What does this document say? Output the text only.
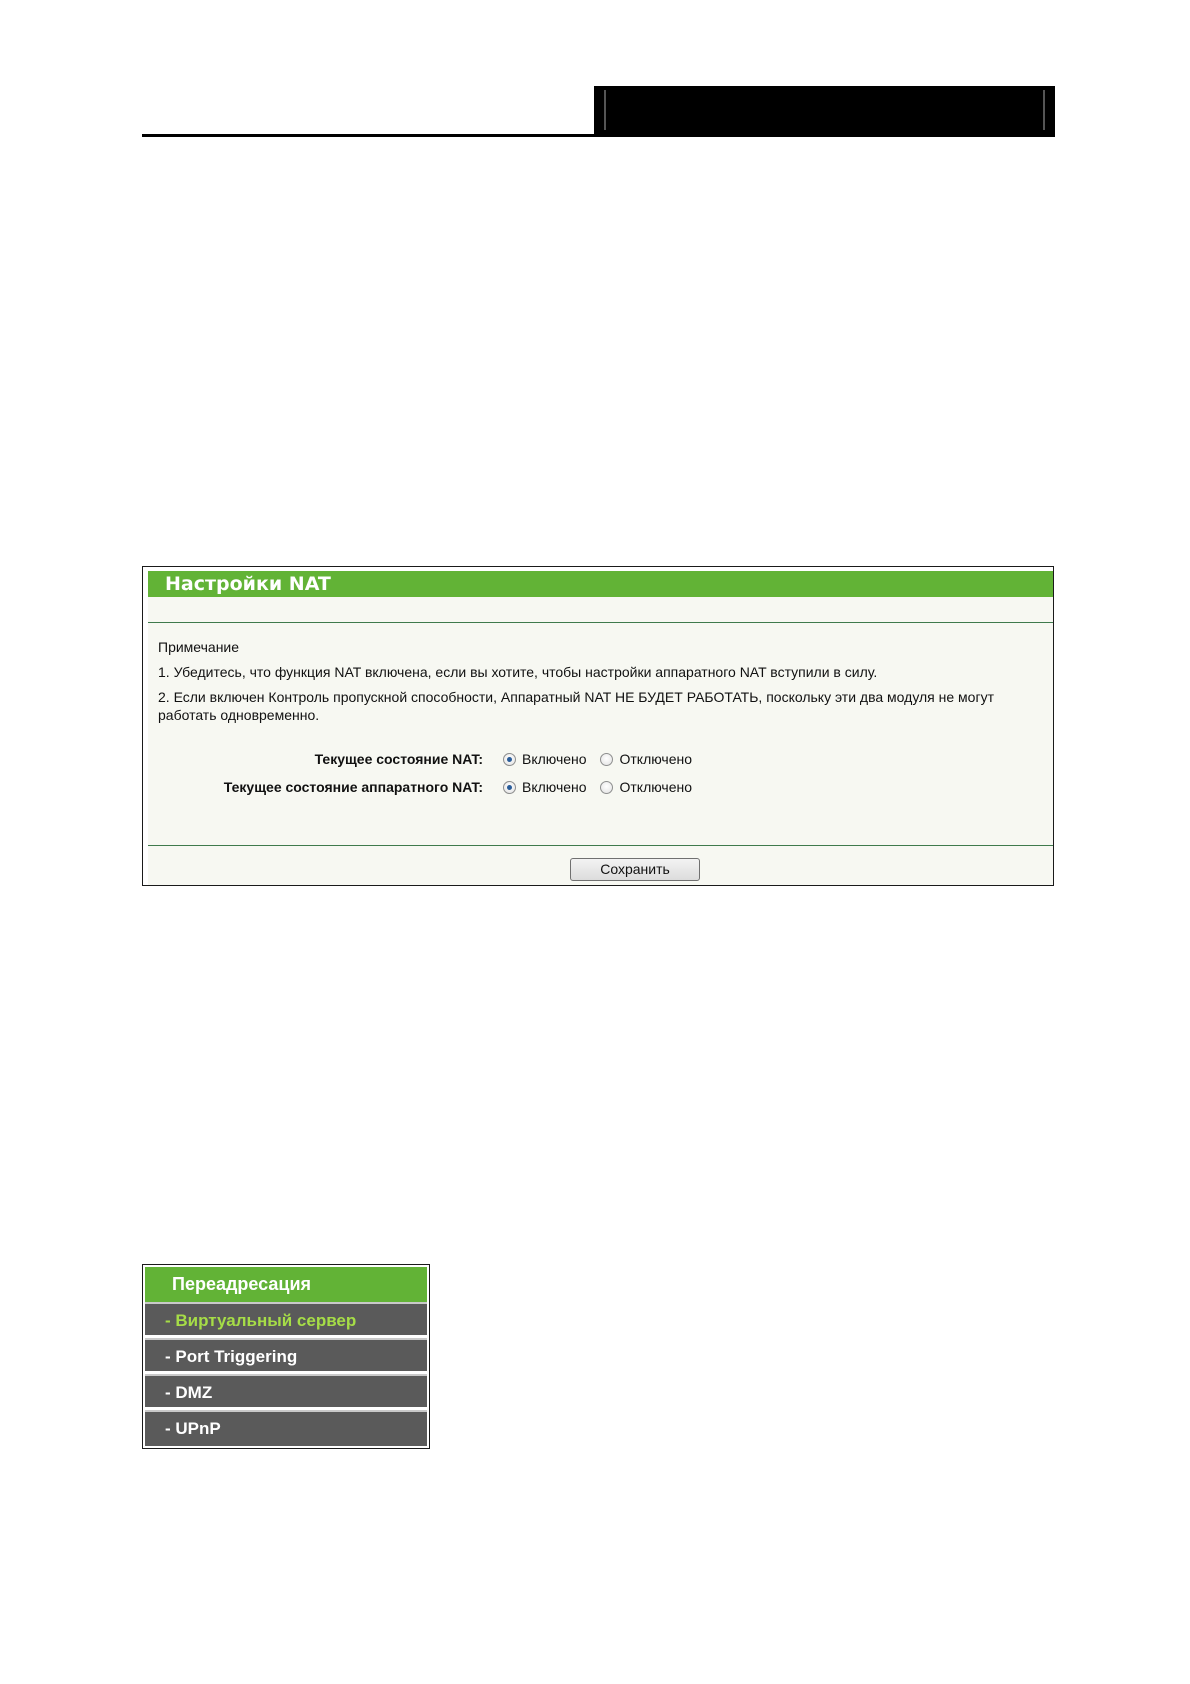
Настройки NAT
Примечание
1. Убедитесь, что функция NAT включена, если вы хотите, чтобы настройки аппаратного NAT вступили в силу.
2. Если включен Контроль пропускной способности, Аппаратный NAT НЕ БУДЕТ РАБОТАТЬ, поскольку эти два модуля не могут работать одновременно.
Текущее состояние NAT:	Включено Отключено
Текущее состояние аппаратного NAT:	Включено Отключено
Сохранить
Переадресация
- Виртуальный сервер
- Port Triggering
- DMZ
- UPnP
